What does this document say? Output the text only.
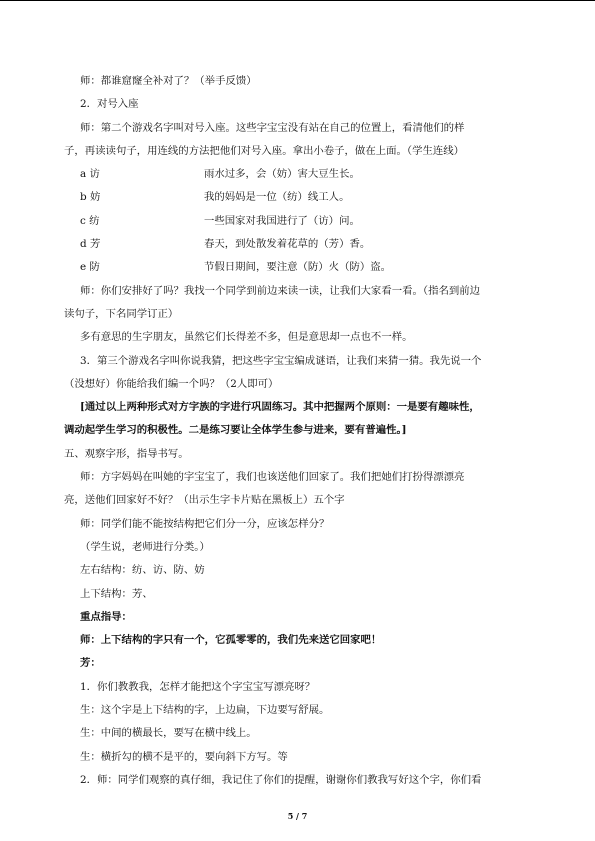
师：都谁窟窿全补对了？（举手反馈）
2．对号入座
师：第二个游戏名字叫对号入座。这些字宝宝没有站在自己的位置上，看清他们的样
子，再读读句子，用连线的方法把他们对号入座。拿出小卷子，做在上面。（学生连线）
a 访	雨水过多，会（妨）害大豆生长。
b 妨	我的妈妈是一位（纺）线工人。
c 纺	一些国家对我国进行了（访）问。
d 芳	春天，到处散发着花草的（芳）香。
e 防	节假日期间，要注意（防）火（防）盗。
师：你们安排好了吗？我找一个同学到前边来读一读，让我们大家看一看。（指名到前边
读句子，下名同学订正）
多有意思的生字朋友，虽然它们长得差不多，但是意思却一点也不一样。
3．第三个游戏名字叫你说我猜，把这些字宝宝编成谜语，让我们来猜一猜。我先说一个
（没想好）你能给我们编一个吗？（2人即可）
[通过以上两种形式对方字族的字进行巩固练习。其中把握两个原则：一是要有趣味性，
调动起学生学习的积极性。二是练习要让全体学生参与进来，要有普遍性。]
五、观察字形，指导书写。
师：方字妈妈在叫她的字宝宝了，我们也该送他们回家了。我们把她们打扮得漂漂亮
亮，送他们回家好不好？（出示生字卡片贴在黑板上）五个字
师：同学们能不能按结构把它们分一分，应该怎样分？
（学生说，老师进行分类。）
左右结构：纺、访、防、妨
上下结构：芳、
重点指导：
师：上下结构的字只有一个，它孤零零的，我们先来送它回家吧！
芳：
1．你们教教我，怎样才能把这个字宝宝写漂亮呀？
生：这个字是上下结构的字，上边扁，下边要写舒展。
生：中间的横最长，要写在横中线上。
生：横折勾的横不是平的，要向斜下方写。等
2．师：同学们观察的真仔细，我记住了你们的提醒，谢谢你们教我写好这个字，你们看
5 / 7
